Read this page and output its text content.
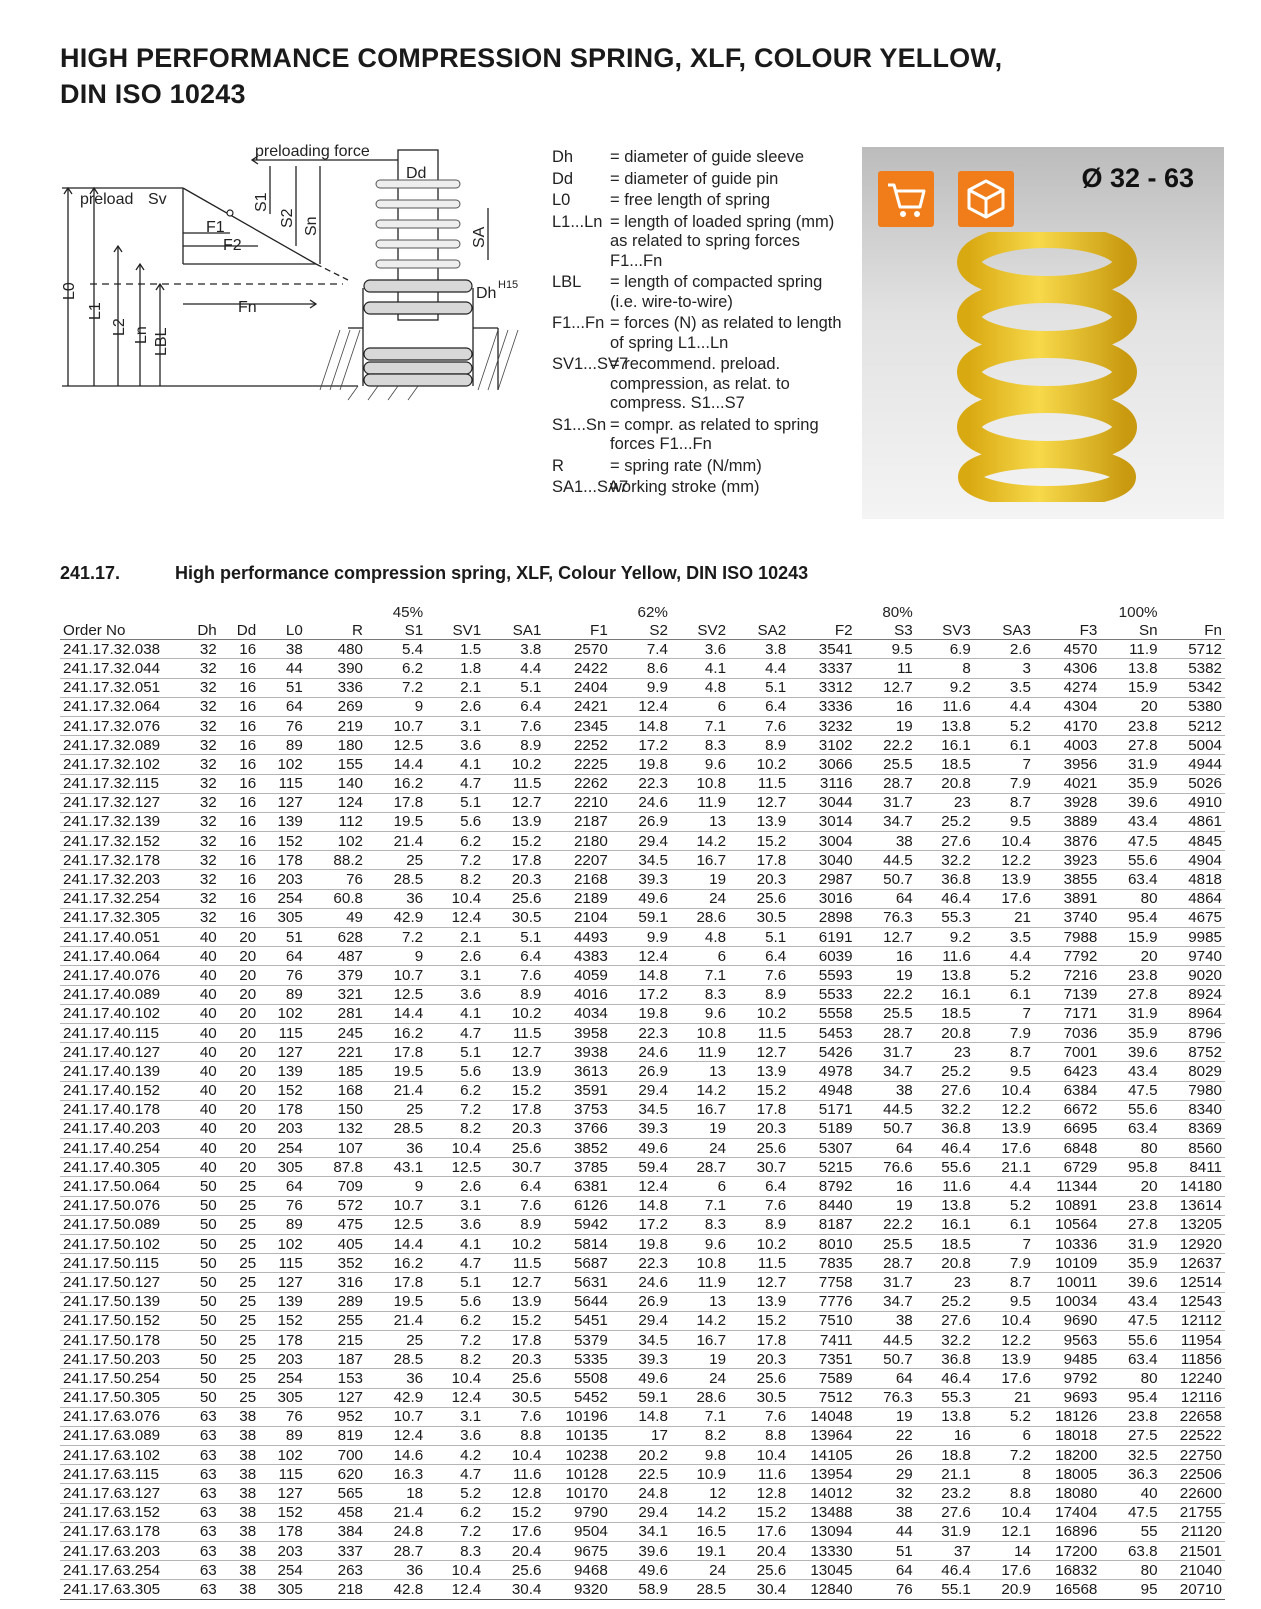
HIGH PERFORMANCE COMPRESSION SPRING, XLF, COLOUR YELLOW,
DIN ISO 10243
preloading force
preload Sv
F1
F2
Fn
Dd
Dh H15
S1
S2 Sn
SA
L0
L1
L2 Ln LBL
Dh	= diameter of guide sleeve
Dd	= diameter of guide pin
L0	= free length of spring
L1...Ln = length of loaded spring (mm) as related to spring forces F1...Fn
LBL	= length of compacted spring (i.e. wire-to-wire)
F1...Fn = forces (N) as related to length of spring L1...Ln
SV1...SV7
= recommend. preload. compression, as relat. to compress. S1...S7
S1...Sn = compr. as related to spring forces F1...Fn
R	= spring rate (N/mm)
SA1...SA7
working stroke (mm)
Ø 32 - 63
241.17.	High performance compression spring, XLF, Colour Yellow, DIN ISO 10243
					45%				62%				80%				100%	
Order No	Dh	Dd	L0	R	S1	SV1	SA1	F1	S2	SV2	SA2	F2	S3	SV3	SA3	F3	Sn	Fn
241.17.32.038	32	16	38	480	5.4	1.5	3.8	2570	7.4	3.6	3.8	3541	9.5	6.9	2.6	4570	11.9	5712
241.17.32.044	32	16	44	390	6.2	1.8	4.4	2422	8.6	4.1	4.4	3337	11	8	3	4306	13.8	5382
241.17.32.051	32	16	51	336	7.2	2.1	5.1	2404	9.9	4.8	5.1	3312	12.7	9.2	3.5	4274	15.9	5342
241.17.32.064	32	16	64	269	9	2.6	6.4	2421	12.4	6	6.4	3336	16	11.6	4.4	4304	20	5380
241.17.32.076	32	16	76	219	10.7	3.1	7.6	2345	14.8	7.1	7.6	3232	19	13.8	5.2	4170	23.8	5212
241.17.32.089	32	16	89	180	12.5	3.6	8.9	2252	17.2	8.3	8.9	3102	22.2	16.1	6.1	4003	27.8	5004
241.17.32.102	32	16	102	155	14.4	4.1	10.2	2225	19.8	9.6	10.2	3066	25.5	18.5	7	3956	31.9	4944
241.17.32.115	32	16	115	140	16.2	4.7	11.5	2262	22.3	10.8	11.5	3116	28.7	20.8	7.9	4021	35.9	5026
241.17.32.127	32	16	127	124	17.8	5.1	12.7	2210	24.6	11.9	12.7	3044	31.7	23	8.7	3928	39.6	4910
241.17.32.139	32	16	139	112	19.5	5.6	13.9	2187	26.9	13	13.9	3014	34.7	25.2	9.5	3889	43.4	4861
241.17.32.152	32	16	152	102	21.4	6.2	15.2	2180	29.4	14.2	15.2	3004	38	27.6	10.4	3876	47.5	4845
241.17.32.178	32	16	178	88.2	25	7.2	17.8	2207	34.5	16.7	17.8	3040	44.5	32.2	12.2	3923	55.6	4904
241.17.32.203	32	16	203	76	28.5	8.2	20.3	2168	39.3	19	20.3	2987	50.7	36.8	13.9	3855	63.4	4818
241.17.32.254	32	16	254	60.8	36	10.4	25.6	2189	49.6	24	25.6	3016	64	46.4	17.6	3891	80	4864
241.17.32.305	32	16	305	49	42.9	12.4	30.5	2104	59.1	28.6	30.5	2898	76.3	55.3	21	3740	95.4	4675
241.17.40.051	40	20	51	628	7.2	2.1	5.1	4493	9.9	4.8	5.1	6191	12.7	9.2	3.5	7988	15.9	9985
241.17.40.064	40	20	64	487	9	2.6	6.4	4383	12.4	6	6.4	6039	16	11.6	4.4	7792	20	9740
241.17.40.076	40	20	76	379	10.7	3.1	7.6	4059	14.8	7.1	7.6	5593	19	13.8	5.2	7216	23.8	9020
241.17.40.089	40	20	89	321	12.5	3.6	8.9	4016	17.2	8.3	8.9	5533	22.2	16.1	6.1	7139	27.8	8924
241.17.40.102	40	20	102	281	14.4	4.1	10.2	4034	19.8	9.6	10.2	5558	25.5	18.5	7	7171	31.9	8964
241.17.40.115	40	20	115	245	16.2	4.7	11.5	3958	22.3	10.8	11.5	5453	28.7	20.8	7.9	7036	35.9	8796
241.17.40.127	40	20	127	221	17.8	5.1	12.7	3938	24.6	11.9	12.7	5426	31.7	23	8.7	7001	39.6	8752
241.17.40.139	40	20	139	185	19.5	5.6	13.9	3613	26.9	13	13.9	4978	34.7	25.2	9.5	6423	43.4	8029
241.17.40.152	40	20	152	168	21.4	6.2	15.2	3591	29.4	14.2	15.2	4948	38	27.6	10.4	6384	47.5	7980
241.17.40.178	40	20	178	150	25	7.2	17.8	3753	34.5	16.7	17.8	5171	44.5	32.2	12.2	6672	55.6	8340
241.17.40.203	40	20	203	132	28.5	8.2	20.3	3766	39.3	19	20.3	5189	50.7	36.8	13.9	6695	63.4	8369
241.17.40.254	40	20	254	107	36	10.4	25.6	3852	49.6	24	25.6	5307	64	46.4	17.6	6848	80	8560
241.17.40.305	40	20	305	87.8	43.1	12.5	30.7	3785	59.4	28.7	30.7	5215	76.6	55.6	21.1	6729	95.8	8411
241.17.50.064	50	25	64	709	9	2.6	6.4	6381	12.4	6	6.4	8792	16	11.6	4.4	11344	20	14180
241.17.50.076	50	25	76	572	10.7	3.1	7.6	6126	14.8	7.1	7.6	8440	19	13.8	5.2	10891	23.8	13614
241.17.50.089	50	25	89	475	12.5	3.6	8.9	5942	17.2	8.3	8.9	8187	22.2	16.1	6.1	10564	27.8	13205
241.17.50.102	50	25	102	405	14.4	4.1	10.2	5814	19.8	9.6	10.2	8010	25.5	18.5	7	10336	31.9	12920
241.17.50.115	50	25	115	352	16.2	4.7	11.5	5687	22.3	10.8	11.5	7835	28.7	20.8	7.9	10109	35.9	12637
241.17.50.127	50	25	127	316	17.8	5.1	12.7	5631	24.6	11.9	12.7	7758	31.7	23	8.7	10011	39.6	12514
241.17.50.139	50	25	139	289	19.5	5.6	13.9	5644	26.9	13	13.9	7776	34.7	25.2	9.5	10034	43.4	12543
241.17.50.152	50	25	152	255	21.4	6.2	15.2	5451	29.4	14.2	15.2	7510	38	27.6	10.4	9690	47.5	12112
241.17.50.178	50	25	178	215	25	7.2	17.8	5379	34.5	16.7	17.8	7411	44.5	32.2	12.2	9563	55.6	11954
241.17.50.203	50	25	203	187	28.5	8.2	20.3	5335	39.3	19	20.3	7351	50.7	36.8	13.9	9485	63.4	11856
241.17.50.254	50	25	254	153	36	10.4	25.6	5508	49.6	24	25.6	7589	64	46.4	17.6	9792	80	12240
241.17.50.305	50	25	305	127	42.9	12.4	30.5	5452	59.1	28.6	30.5	7512	76.3	55.3	21	9693	95.4	12116
241.17.63.076	63	38	76	952	10.7	3.1	7.6	10196	14.8	7.1	7.6	14048	19	13.8	5.2	18126	23.8	22658
241.17.63.089	63	38	89	819	12.4	3.6	8.8	10135	17	8.2	8.8	13964	22	16	6	18018	27.5	22522
241.17.63.102	63	38	102	700	14.6	4.2	10.4	10238	20.2	9.8	10.4	14105	26	18.8	7.2	18200	32.5	22750
241.17.63.115	63	38	115	620	16.3	4.7	11.6	10128	22.5	10.9	11.6	13954	29	21.1	8	18005	36.3	22506
241.17.63.127	63	38	127	565	18	5.2	12.8	10170	24.8	12	12.8	14012	32	23.2	8.8	18080	40	22600
241.17.63.152	63	38	152	458	21.4	6.2	15.2	9790	29.4	14.2	15.2	13488	38	27.6	10.4	17404	47.5	21755
241.17.63.178	63	38	178	384	24.8	7.2	17.6	9504	34.1	16.5	17.6	13094	44	31.9	12.1	16896	55	21120
241.17.63.203	63	38	203	337	28.7	8.3	20.4	9675	39.6	19.1	20.4	13330	51	37	14	17200	63.8	21501
241.17.63.254	63	38	254	263	36	10.4	25.6	9468	49.6	24	25.6	13045	64	46.4	17.6	16832	80	21040
241.17.63.305	63	38	305	218	42.8	12.4	30.4	9320	58.9	28.5	30.4	12840	76	55.1	20.9	16568	95	20710
